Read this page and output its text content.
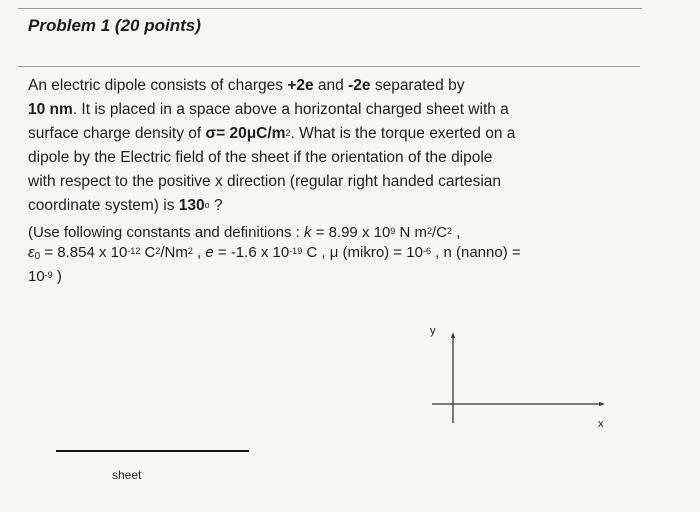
Problem 1 (20 points)
An electric dipole consists of charges +2e and -2e separated by
10 nm. It is placed in a space above a horizontal charged sheet with a
surface charge density of $\sigma= 20\mu C/m^2$. What is the torque exerted on a
dipole by the Electric field of the sheet if the orientation of the dipole
with respect to the positive x direction (regular right handed cartesian
coordinate system) is 130$^o$ ?
(Use following constants and definitions : k = 8.99 x $10^9$ N $m^2/C^2$ ,
ε0 = 8.854 x $10^{-12}$ $C^2/Nm^2$ , e = -1.6 x $10^{-19}$ C , μ (mikro) = $10^{-6}$ , n (nanno) =
$10^{-9}$ )
y
x
sheet
